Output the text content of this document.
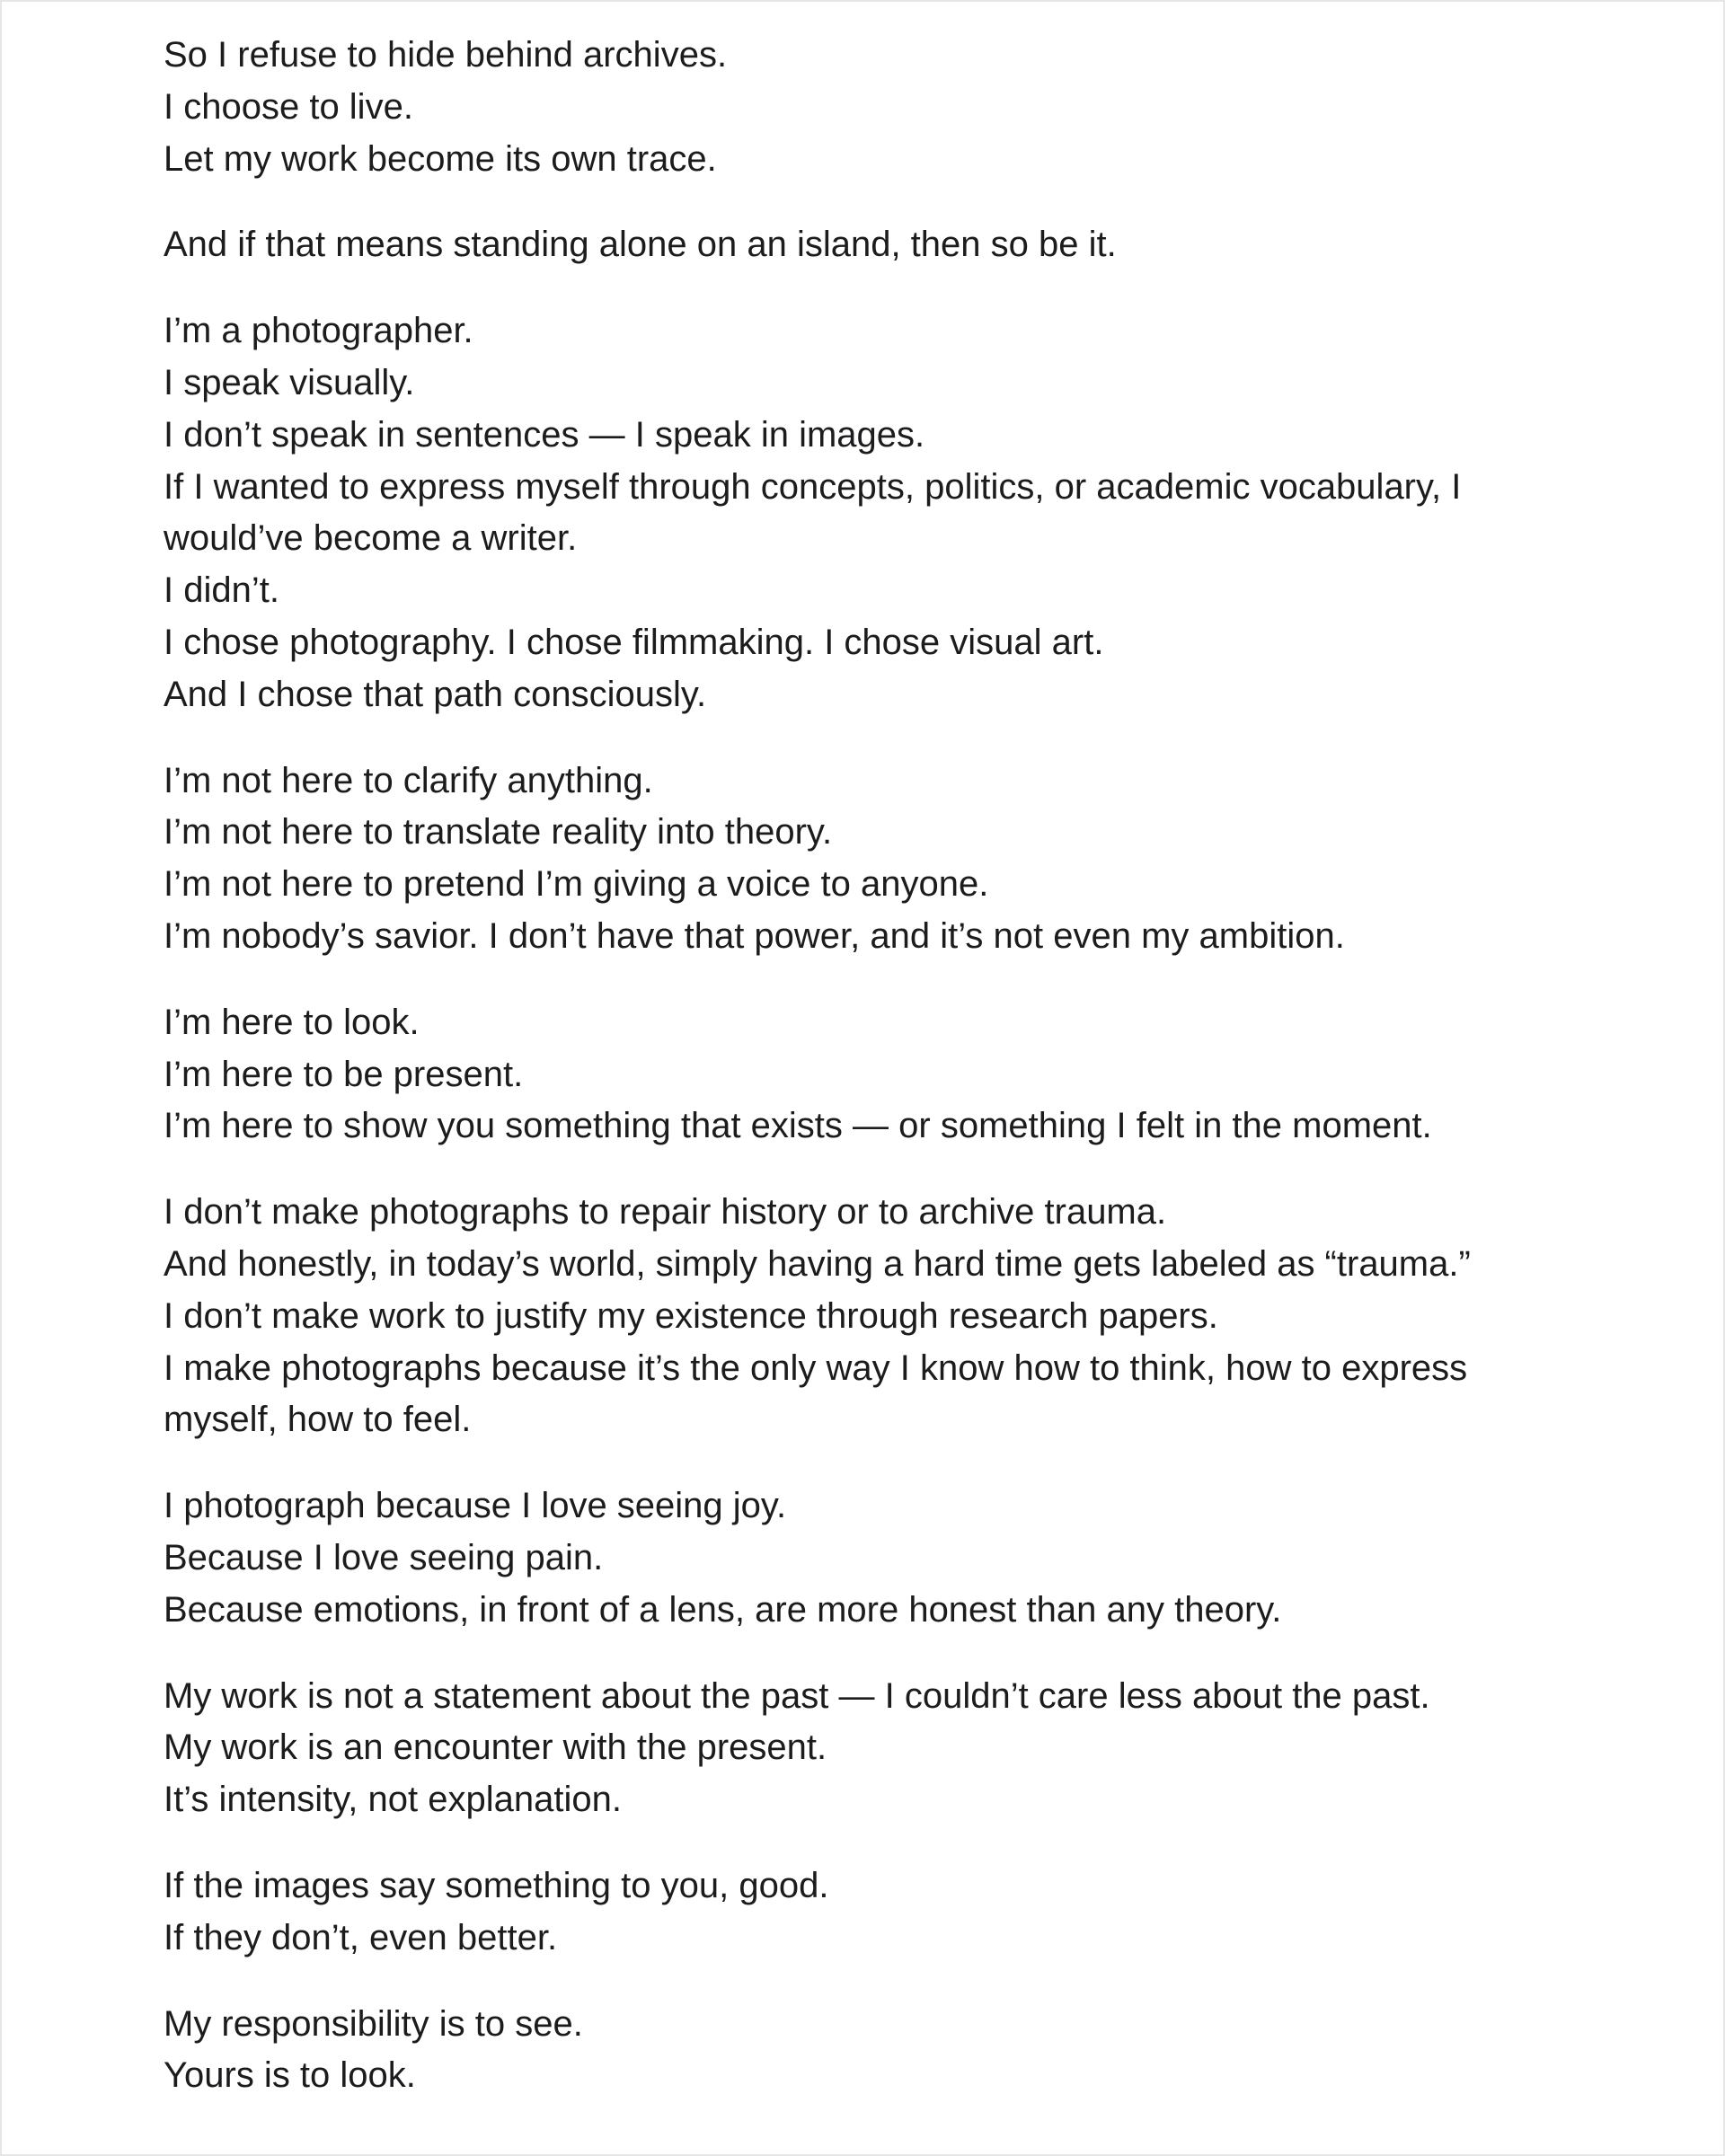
So I refuse to hide behind archives.
I choose to live.
Let my work become its own trace.
And if that means standing alone on an island, then so be it.
I’m a photographer.
I speak visually.
I don’t speak in sentences — I speak in images.
If I wanted to express myself through concepts, politics, or academic vocabulary, I
would’ve become a writer.
I didn’t.
I chose photography. I chose filmmaking. I chose visual art.
And I chose that path consciously.
I’m not here to clarify anything.
I’m not here to translate reality into theory.
I’m not here to pretend I’m giving a voice to anyone.
I’m nobody’s savior. I don’t have that power, and it’s not even my ambition.
I’m here to look.
I’m here to be present.
I’m here to show you something that exists — or something I felt in the moment.
I don’t make photographs to repair history or to archive trauma.
And honestly, in today’s world, simply having a hard time gets labeled as “trauma.”
I don’t make work to justify my existence through research papers.
I make photographs because it’s the only way I know how to think, how to express
myself, how to feel.
I photograph because I love seeing joy.
Because I love seeing pain.
Because emotions, in front of a lens, are more honest than any theory.
My work is not a statement about the past — I couldn’t care less about the past.
My work is an encounter with the present.
It’s intensity, not explanation.
If the images say something to you, good.
If they don’t, even better.
My responsibility is to see.
Yours is to look.
